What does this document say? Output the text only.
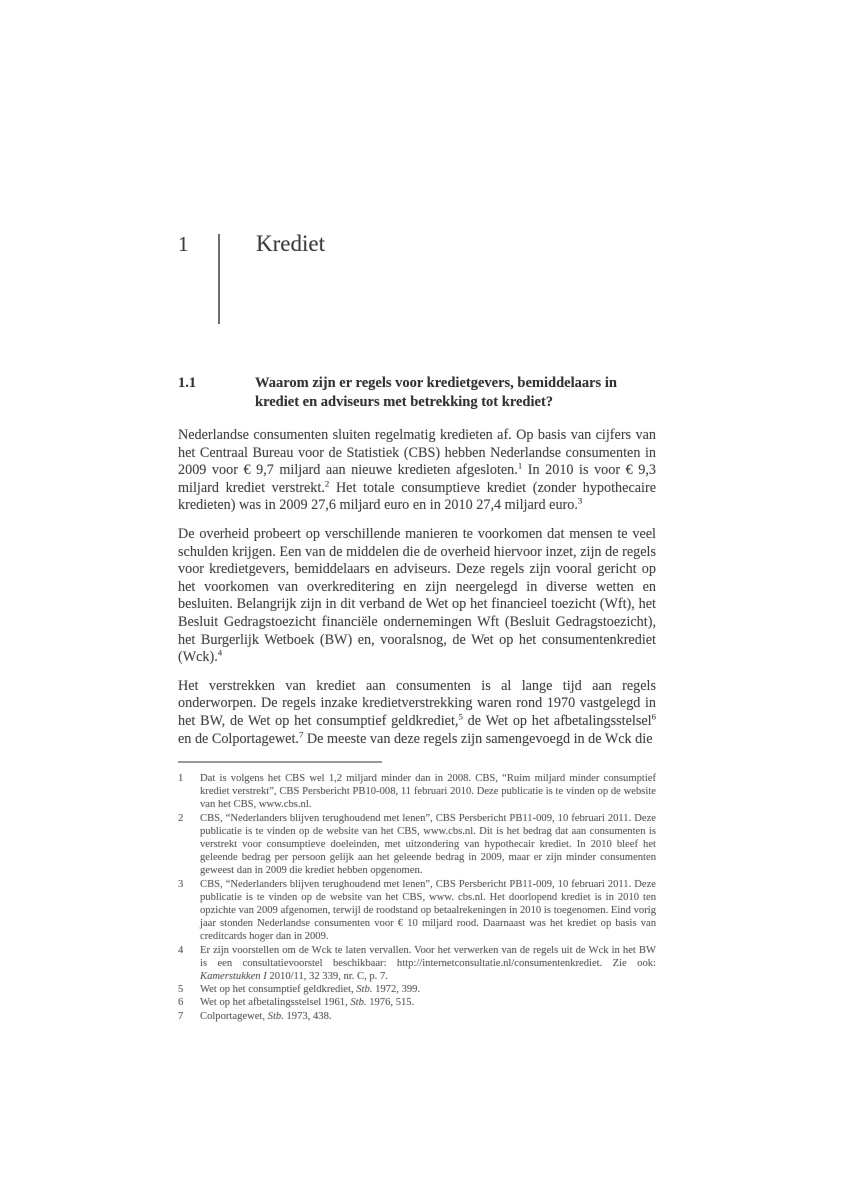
1	Krediet
1.1	Waarom zijn er regels voor kredietgevers, bemiddelaars in krediet en adviseurs met betrekking tot krediet?

Nederlandse consumenten sluiten regelmatig kredieten af. Op basis van cijfers van het Centraal Bureau voor de Statistiek (CBS) hebben Nederlandse consumenten in 2009 voor € 9,7 miljard aan nieuwe kredieten afgesloten.$^1$ In 2010 is voor € 9,3 miljard krediet verstrekt.$^2$ Het totale consumptieve krediet (zonder hypothecaire kredieten) was in 2009 27,6 miljard euro en in 2010 27,4 miljard euro.$^3$

De overheid probeert op verschillende manieren te voorkomen dat mensen te veel schulden krijgen. Een van de middelen die de overheid hiervoor inzet, zijn de regels voor kredietgevers, bemiddelaars en adviseurs. Deze regels zijn vooral gericht op het voorkomen van overkreditering en zijn neergelegd in diverse wetten en besluiten. Belangrijk zijn in dit verband de Wet op het financieel toezicht (Wft), het Besluit Gedragstoezicht financiële ondernemingen Wft (Besluit Gedragstoezicht), het Burgerlijk Wetboek (BW) en, vooralsnog, de Wet op het consumentenkrediet (Wck).$^4$

Het verstrekken van krediet aan consumenten is al lange tijd aan regels onderworpen. De regels inzake kredietverstrekking waren rond 1970 vastgelegd in het BW, de Wet op het consumptief geldkrediet,$^5$ de Wet op het afbetalingsstelsel$^6$ en de Colportagewet.$^7$ De meeste van deze regels zijn samengevoegd in de Wck die

1	Dat is volgens het CBS wel 1,2 miljard minder dan in 2008. CBS, “Ruim miljard minder consumptief krediet verstrekt”, CBS Persbericht PB10-008, 11 februari 2010. Deze publicatie is te vinden op de website van het CBS, www.cbs.nl.
2	CBS, “Nederlanders blijven terughoudend met lenen”, CBS Persbericht PB11-009, 10 februari 2011. Deze publicatie is te vinden op de website van het CBS, www.cbs.nl. Dit is het bedrag dat aan consumenten is verstrekt voor consumptieve doeleinden, met uitzondering van hypothecair krediet. In 2010 bleef het geleende bedrag per persoon gelijk aan het geleende bedrag in 2009, maar er zijn minder consumenten geweest dan in 2009 die krediet hebben opgenomen.
3	CBS, “Nederlanders blijven terughoudend met lenen”, CBS Persbericht PB11-009, 10 februari 2011. Deze publicatie is te vinden op de website van het CBS, www. cbs.nl. Het doorlopend krediet is in 2010 ten opzichte van 2009 afgenomen, terwijl de roodstand op betaalrekeningen in 2010 is toegenomen. Eind vorig jaar stonden Nederlandse consumenten voor € 10 miljard rood. Daarnaast was het krediet op basis van creditcards hoger dan in 2009.
4	Er zijn voorstellen om de Wck te laten vervallen. Voor het verwerken van de regels uit de Wck in het BW is een consultatievoorstel beschikbaar: http://internetconsultatie.nl/consumentenkrediet. Zie ook: Kamerstukken I 2010/11, 32 339, nr. C, p. 7.
5	Wet op het consumptief geldkrediet, Stb. 1972, 399.
6	Wet op het afbetalingsstelsel 1961, Stb. 1976, 515.
7	Colportagewet, Stb. 1973, 438.
